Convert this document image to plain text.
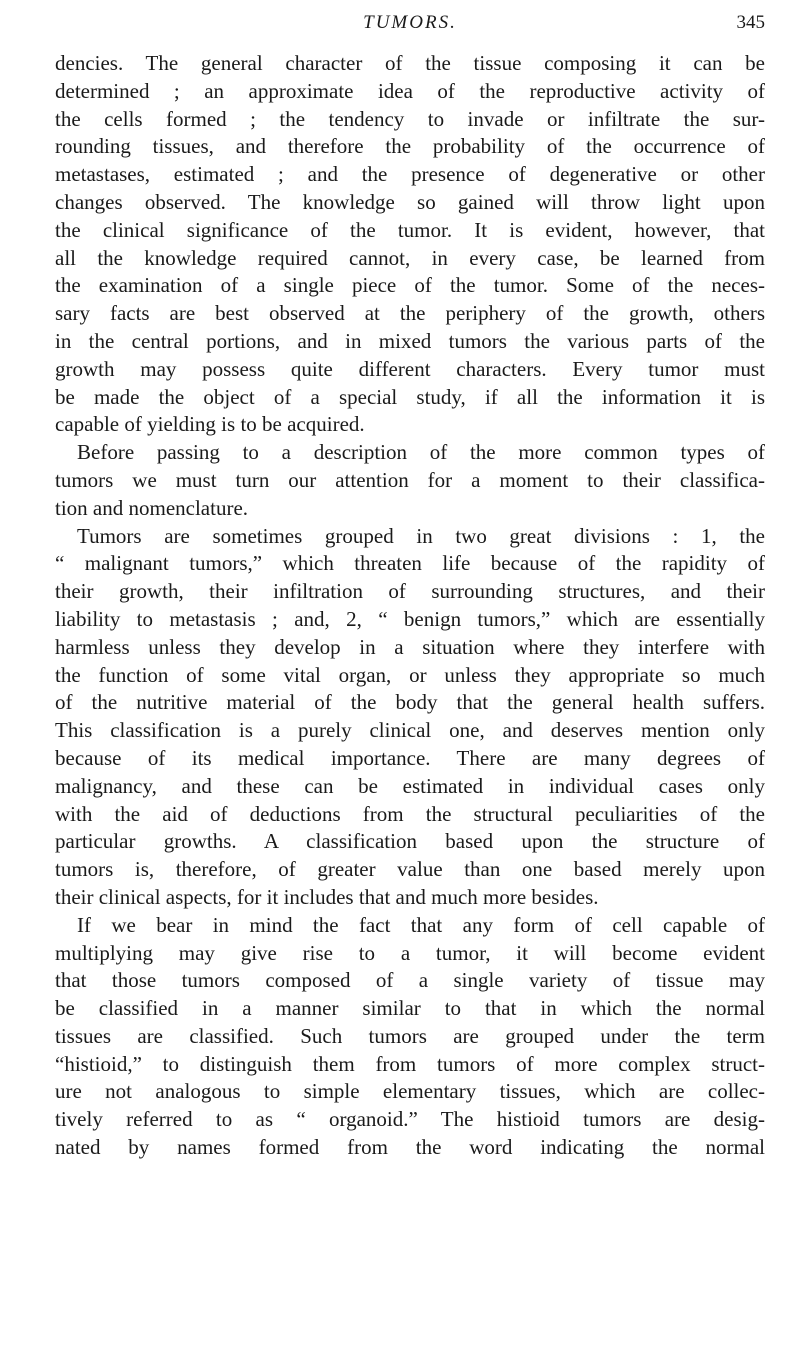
TUMORS.	345
dencies. The general character of the tissue composing it can be
determined ; an approximate idea of the reproductive activity of
the cells formed ; the tendency to invade or infiltrate the sur-
rounding tissues, and therefore the probability of the occurrence of
metastases, estimated ; and the presence of degenerative or other
changes observed. The knowledge so gained will throw light upon
the clinical significance of the tumor. It is evident, however, that
all the knowledge required cannot, in every case, be learned from
the examination of a single piece of the tumor. Some of the neces-
sary facts are best observed at the periphery of the growth, others
in the central portions, and in mixed tumors the various parts of the
growth may possess quite different characters. Every tumor must
be made the object of a special study, if all the information it is
capable of yielding is to be acquired.
Before passing to a description of the more common types of
tumors we must turn our attention for a moment to their classifica-
tion and nomenclature.
Tumors are sometimes grouped in two great divisions : 1, the
“ malignant tumors,” which threaten life because of the rapidity of
their growth, their infiltration of surrounding structures, and their
liability to metastasis ; and, 2, “ benign tumors,” which are essentially
harmless unless they develop in a situation where they interfere with
the function of some vital organ, or unless they appropriate so much
of the nutritive material of the body that the general health suffers.
This classification is a purely clinical one, and deserves mention only
because of its medical importance. There are many degrees of
malignancy, and these can be estimated in individual cases only
with the aid of deductions from the structural peculiarities of the
particular growths. A classification based upon the structure of
tumors is, therefore, of greater value than one based merely upon
their clinical aspects, for it includes that and much more besides.
If we bear in mind the fact that any form of cell capable of
multiplying may give rise to a tumor, it will become evident
that those tumors composed of a single variety of tissue may
be classified in a manner similar to that in which the normal
tissues are classified. Such tumors are grouped under the term
“histioid,” to distinguish them from tumors of more complex struct-
ure not analogous to simple elementary tissues, which are collec-
tively referred to as “ organoid.” The histioid tumors are desig-
nated by names formed from the word indicating the normal
